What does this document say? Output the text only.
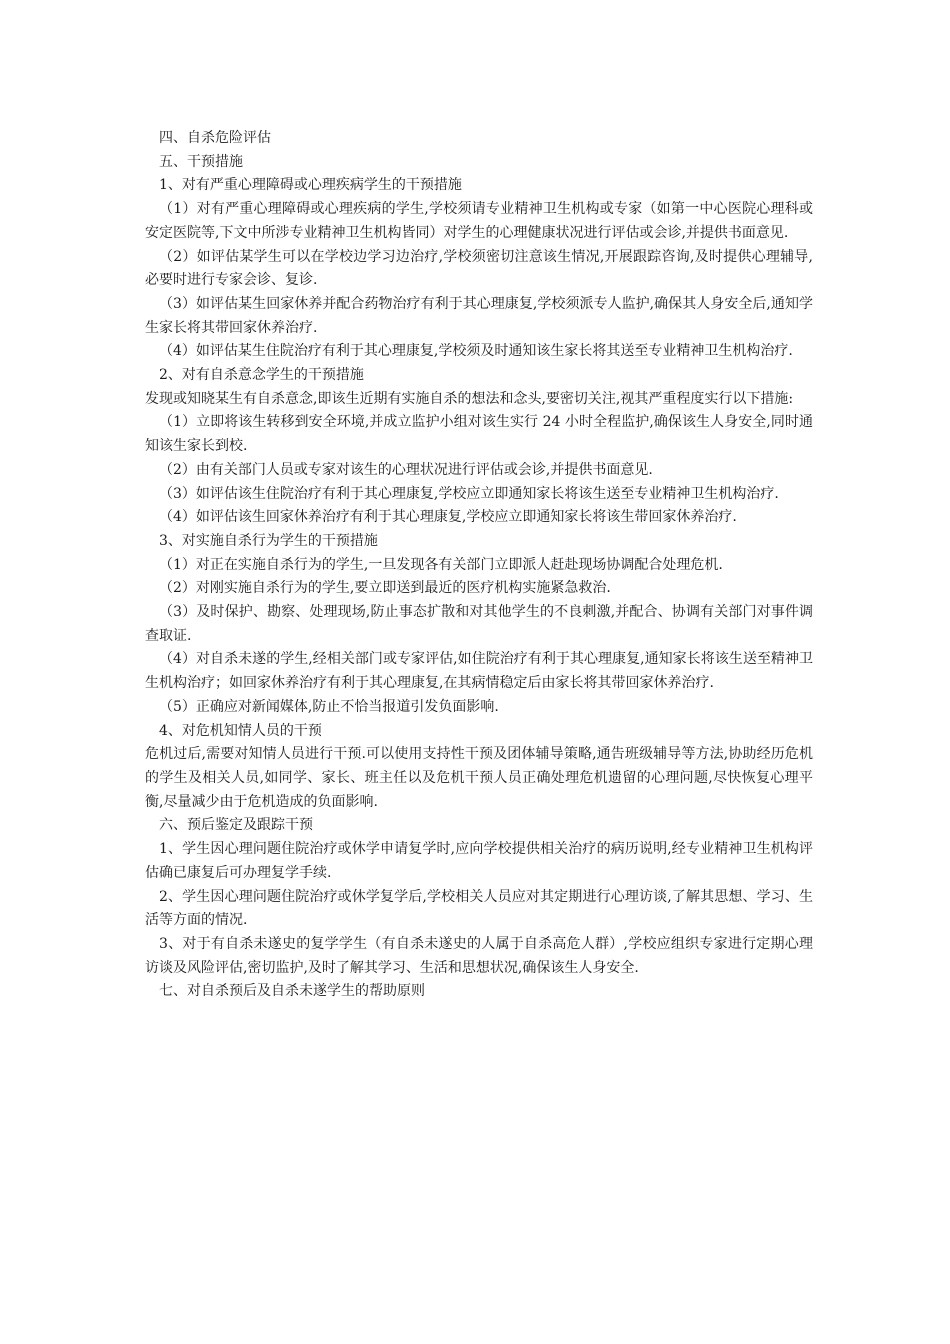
四、自杀危险评估

五、干预措施

1、对有严重心理障碍或心理疾病学生的干预措施

（1）对有严重心理障碍或心理疾病的学生,学校须请专业精神卫生机构或专家（如第一中心医院心理科或安定医院等,下文中所涉专业精神卫生机构皆同）对学生的心理健康状况进行评估或会诊,并提供书面意见.

（2）如评估某学生可以在学校边学习边治疗,学校须密切注意该生情况,开展跟踪咨询,及时提供心理辅导,必要时进行专家会诊、复诊.

（3）如评估某生回家休养并配合药物治疗有利于其心理康复,学校须派专人监护,确保其人身安全后,通知学生家长将其带回家休养治疗.

（4）如评估某生住院治疗有利于其心理康复,学校须及时通知该生家长将其送至专业精神卫生机构治疗.

2、对有自杀意念学生的干预措施

发现或知晓某生有自杀意念,即该生近期有实施自杀的想法和念头,要密切关注,视其严重程度实行以下措施:

（1）立即将该生转移到安全环境,并成立监护小组对该生实行 24 小时全程监护,确保该生人身安全,同时通知该生家长到校.

（2）由有关部门人员或专家对该生的心理状况进行评估或会诊,并提供书面意见.

（3）如评估该生住院治疗有利于其心理康复,学校应立即通知家长将该生送至专业精神卫生机构治疗.

（4）如评估该生回家休养治疗有利于其心理康复,学校应立即通知家长将该生带回家休养治疗.

3、对实施自杀行为学生的干预措施

（1）对正在实施自杀行为的学生,一旦发现各有关部门立即派人赶赴现场协调配合处理危机.

（2）对刚实施自杀行为的学生,要立即送到最近的医疗机构实施紧急救治.

（3）及时保护、勘察、处理现场,防止事态扩散和对其他学生的不良刺激,并配合、协调有关部门对事件调查取证.

（4）对自杀未遂的学生,经相关部门或专家评估,如住院治疗有利于其心理康复,通知家长将该生送至精神卫生机构治疗；如回家休养治疗有利于其心理康复,在其病情稳定后由家长将其带回家休养治疗.

（5）正确应对新闻媒体,防止不恰当报道引发负面影响.

4、对危机知情人员的干预

危机过后,需要对知情人员进行干预.可以使用支持性干预及团体辅导策略,通告班级辅导等方法,协助经历危机的学生及相关人员,如同学、家长、班主任以及危机干预人员正确处理危机遗留的心理问题,尽快恢复心理平衡,尽量减少由于危机造成的负面影响.

六、预后鉴定及跟踪干预

1、学生因心理问题住院治疗或休学申请复学时,应向学校提供相关治疗的病历说明,经专业精神卫生机构评估确已康复后可办理复学手续.

2、学生因心理问题住院治疗或休学复学后,学校相关人员应对其定期进行心理访谈,了解其思想、学习、生活等方面的情况.

3、对于有自杀未遂史的复学学生（有自杀未遂史的人属于自杀高危人群）,学校应组织专家进行定期心理访谈及风险评估,密切监护,及时了解其学习、生活和思想状况,确保该生人身安全.

七、对自杀预后及自杀未遂学生的帮助原则
